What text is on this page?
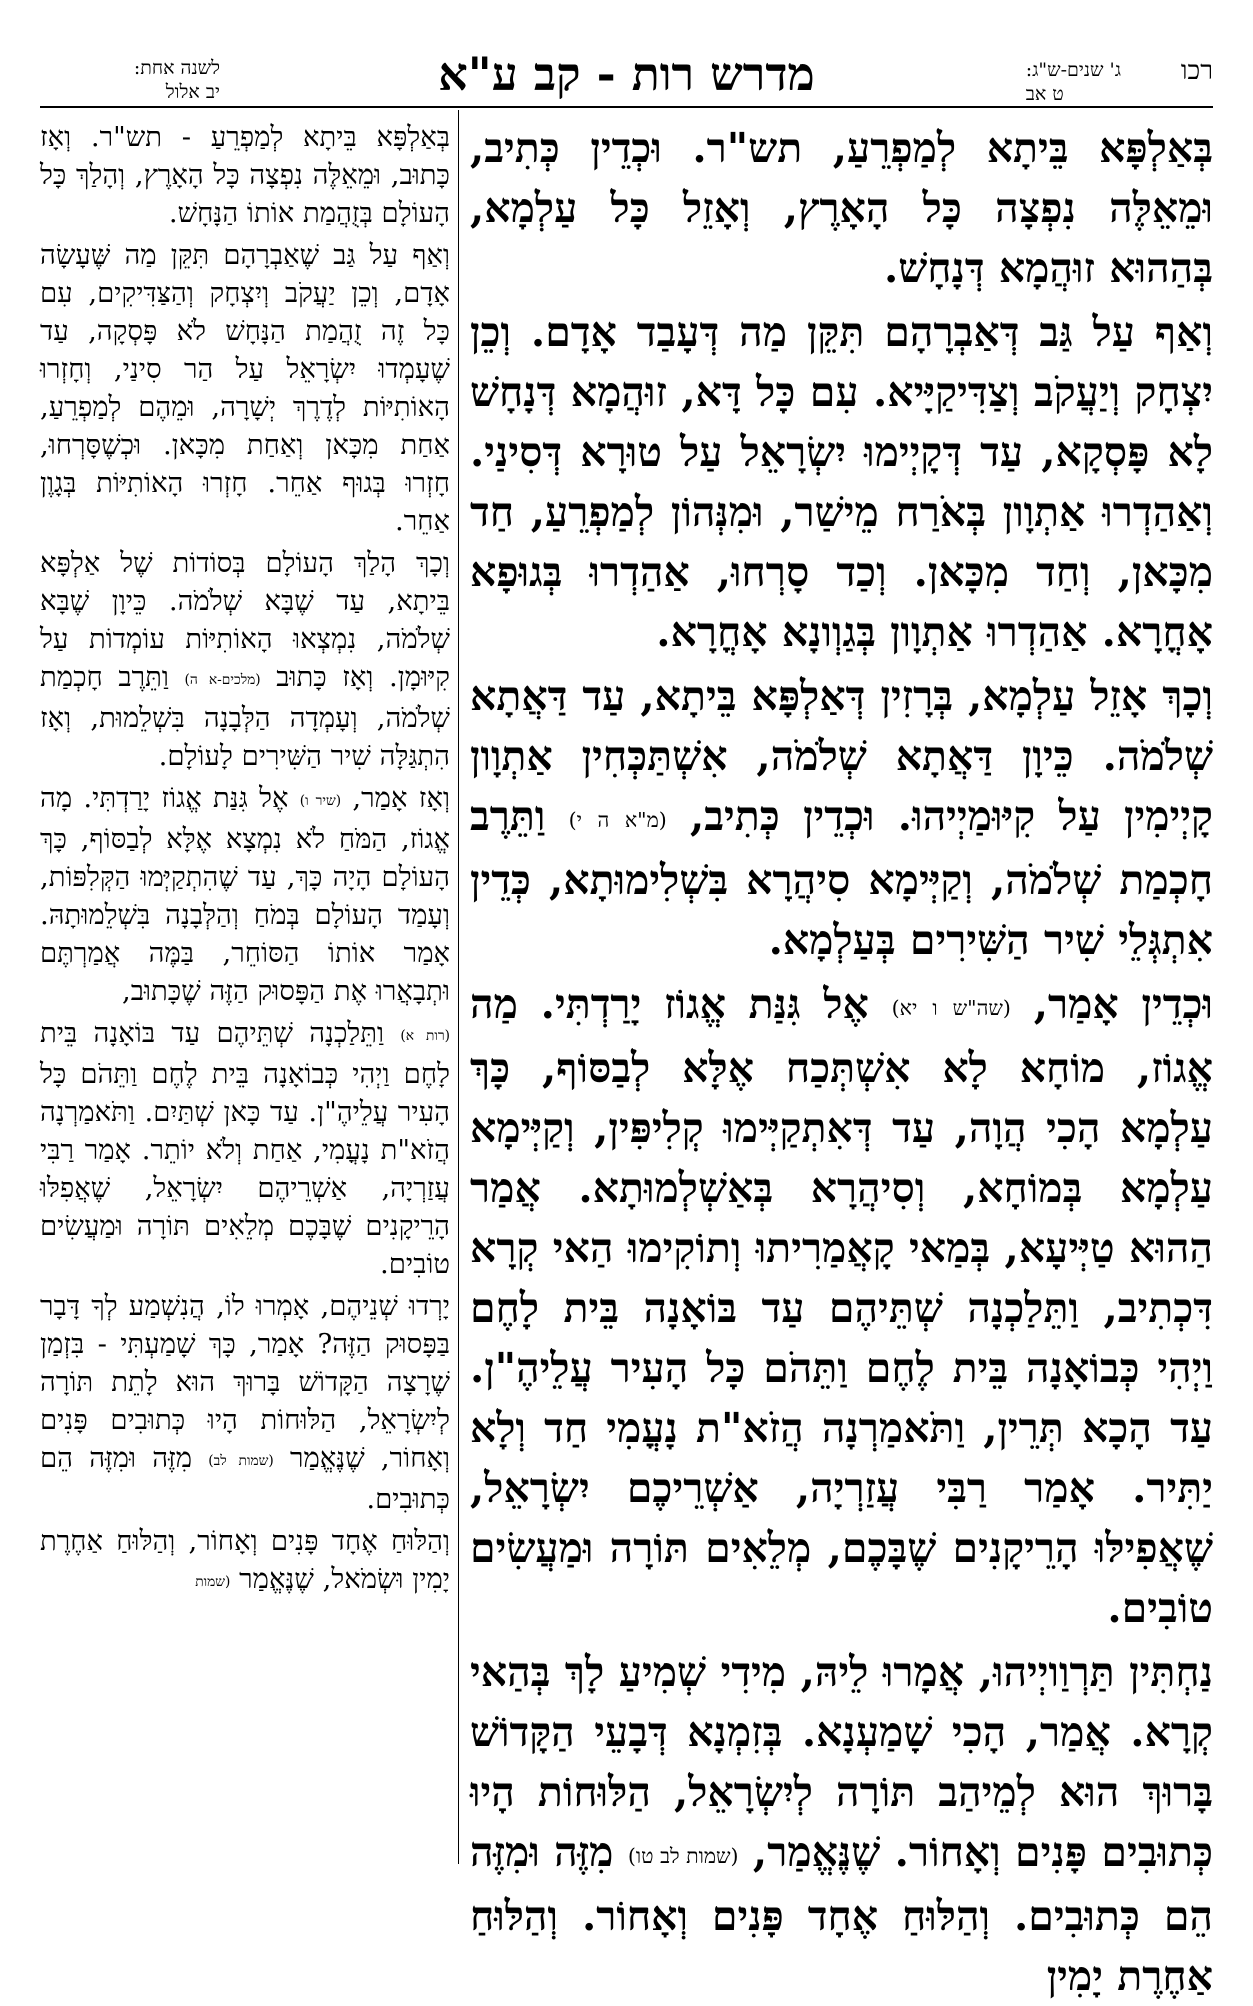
לשנה אחת:
יב אלול	מדרש רות - קב ע"א	רכו
ג' שנים-ש"ג:
ט אב

בְּאַלְפָּא בֵּיתָא לְמַפְרֵעַ, תש"ר. וּכְדֵין כְּתִיב, וּמֵאֵלֶּה נִפְצָה כָּל הָאָרֶץ, וְאָזֵל כָּל עַלְמָא, בְּהַהוּא זוּהֲמָא דְּנָחָשׁ.

וְאַף עַל גַּב דְּאַבְרָהָם תִּקֵּן מַה דְּעָבַד אָדָם. וְכֵן יִצְחָק וְיַעֲקֹב וְצַדִּיקַיָּיא. עִם כָּל דָּא, זוּהֲמָא דְּנָחָשׁ לָא פָּסְקָא, עַד דְּקָיְימוּ יִשְׂרָאֵל עַל טוּרָא דְּסִינַי. וְאַהַדְרוּ אַתְוָון בְּאֹרַח מֵישַׁר, וּמִנְּהוֹן לְמַפְרֵעַ, חַד מִכָּאן, וְחַד מִכָּאן. וְכַד סָרְחוּ, אַהַדְרוּ בְּגוּפָא אָחֳרָא. אַהַדְרוּ אַתְוָון בְּגַוְונָא אָחֳרָא.

וְכָךְ אָזֵל עַלְמָא, בְּרָזִין דְּאַלְפָּא בֵּיתָא, עַד דַּאֲתָא שְׁלֹמֹה. כֵּיוָן דַּאֲתָא שְׁלֹמֹה, אִשְׁתַּכְּחִין אַתְוָון קָיְימִין עַל קִיּוּמַיְיהוּ. וּכְדֵין כְּתִיב, (מ"א ה י) וַתֵּרֶב חָכְמַת שְׁלֹמֹה, וְקַיְּימָא סִיהֲרָא בִּשְׁלִימוּתָא, כְּדֵין אִתְגְּלֵי שִׁיר הַשִּׁירִים בְּעַלְמָא.

וּכְדֵין אָמַר, (שה"ש ו יא) אֶל גִּנַּת אֱגוֹז יָרַדְתִּי. מַה אֱגוֹז, מוֹחָא לָא אִשְׁתְּכַח אֶלָּא לְבַסּוֹף, כָּךְ עַלְמָא הָכִי הֲוָה, עַד דְּאִתְקַיְּימוּ קְלִיפִּין, וְקַיְּימָא עַלְמָא בְּמוֹחָא, וְסִיהֲרָא בְּאַשְׁלְמוּתָא. אֲמַר הַהוּא טַיְּיעָא, בְּמַאי קָאֲמַרִיתוּ וְתוֹקִימוּ הַאי קְרָא דִּכְתִיב, וַתֵּלַכְנָה שְׁתֵּיהֶם עַד בּוֹאָנָה בֵּית לָחֶם וַיְהִי כְּבוֹאָנָה בֵּית לֶחֶם וַתֵּהֹם כָּל הָעִיר עֲלֵיהֶ"ן. עַד הָכָא תְּרֵין, וַתֹּאמַרְנָה הֲזֹא"ת נָעֳמִי חַד וְלָא יַתִּיר. אָמַר רַבִּי עֲזַרְיָה, אַשְׁרֵיכֶם יִשְׂרָאֵל, שֶׁאֲפִילּוּ הָרֵיקָנִים שֶׁבָּכֶם, מְלֵאִים תּוֹרָה וּמַעֲשִׂים טוֹבִים.

נַחְתִּין תַּרְוַויְיהוּ, אֲמָרוּ לֵיהּ, מִידִי שְׁמִיעַ לָךְ בְּהַאי קְרָא. אֲמַר, הָכִי שָׁמַעְנָא. בְּזִמְנָא דְּבָעֵי הַקָּדוֹשׁ בָּרוּךְ הוּא לְמֵיהַב תּוֹרָה לְיִשְׂרָאֵל, הַלּוּחוֹת הָיוּ כְּתוּבִים פָּנִים וְאָחוֹר. שֶׁנֶּאֱמַר, (שמות לב טו) מִזֶּה וּמִזֶּה הֵם כְּתוּבִים. וְהַלּוּחַ אֶחָד פָּנִים וְאָחוֹר. וְהַלּוּחַ אַחֶרֶת יָמִין

בְּאַלְפָּא בֵּיתָא לְמַפְרֵעַ - תש"ר. וְאָז כָּתוּב, וּמֵאֵלֶּה נִפְצָה כָּל הָאָרֶץ, וְהָלַךְ כָּל הָעוֹלָם בְּזֻהֲמַת אוֹתוֹ הַנָּחָשׁ.

וְאַף עַל גַּב שֶׁאַבְרָהָם תִּקֵּן מַה שֶּׁעָשָׂה אָדָם, וְכֵן יַעֲקֹב וְיִצְחָק וְהַצַּדִּיקִים, עִם כָּל זֶה זֻהֲמַת הַנָּחָשׁ לֹא פָּסְקָה, עַד שֶׁעָמְדוּ יִשְׂרָאֵל עַל הַר סִינַי, וְחָזְרוּ הָאוֹתִיּוֹת לְדֶרֶךְ יְשָׁרָה, וּמֵהֶם לְמַפְרֵעַ, אַחַת מִכָּאן וְאַחַת מִכָּאן. וּכְשֶׁסָּרְחוּ, חָזְרוּ בְּגוּף אַחֵר. חָזְרוּ הָאוֹתִיּוֹת בְּגָוֶן אַחֵר.

וְכָךְ הָלַךְ הָעוֹלָם בְּסוֹדוֹת שֶׁל אַלְפָּא בֵּיתָא, עַד שֶׁבָּא שְׁלֹמֹה. כֵּיוָן שֶׁבָּא שְׁלֹמֹה, נִמְצְאוּ הָאוֹתִיּוֹת עוֹמְדוֹת עַל קִיּוּמָן. וְאָז כָּתוּב (מלכים-א ה) וַתֵּרֶב חָכְמַת שְׁלֹמֹה, וְעָמְדָה הַלְּבָנָה בִּשְׁלֵמוּת, וְאָז הִתְגַּלָּה שִׁיר הַשִּׁירִים לָעוֹלָם.

וְאָז אָמַר, (שיר ו) אֶל גִּנַּת אֱגוֹז יָרַדְתִּי. מָה אֱגוֹז, הַמֹּחַ לֹא נִמְצָא אֶלָּא לְבַסּוֹף, כָּךְ הָעוֹלָם הָיָה כָּךְ, עַד שֶׁהִתְקַיְּמוּ הַקְּלִפּוֹת, וְעָמַד הָעוֹלָם בְּמֹחַ וְהַלְּבָנָה בִּשְׁלֵמוּתָהּ. אָמַר אוֹתוֹ הַסּוֹחֵר, בַּמֶּה אֲמַרְתֶּם וּתְבָאֲרוּ אֶת הַפָּסוּק הַזֶּה שֶׁכָּתוּב,

(רות א) וַתֵּלַכְנָה שְׁתֵּיהֶם עַד בּוֹאָנָה בֵּית לָחֶם וַיְהִי כְּבוֹאָנָה בֵּית לֶחֶם וַתֵּהֹם כָּל הָעִיר עֲלֵיהֶ"ן. עַד כָּאן שְׁתַּיִם. וַתֹּאמַרְנָה הֲזֹא"ת נָעֳמִי, אַחַת וְלֹא יוֹתֵר. אָמַר רַבִּי עֲזַרְיָה, אַשְׁרֵיהֶם יִשְׂרָאֵל, שֶׁאֲפִלּוּ הָרֵיקָנִים שֶׁבָּכֶם מְלֵאִים תּוֹרָה וּמַעֲשִׂים טוֹבִים.

יָרְדוּ שְׁנֵיהֶם, אָמְרוּ לוֹ, הֲנִשְׁמַע לְךָ דָּבָר בַּפָּסוּק הַזֶּה? אָמַר, כָּךְ שָׁמַעְתִּי - בִּזְמַן שֶׁרָצָה הַקָּדוֹשׁ בָּרוּךְ הוּא לָתֵת תּוֹרָה לְיִשְׂרָאֵל, הַלּוּחוֹת הָיוּ כְּתוּבִים פָּנִים וְאָחוֹר, שֶׁנֶּאֱמַר (שמות לב) מִזֶּה וּמִזֶּה הֵם כְּתוּבִים.

וְהַלּוּחַ אֶחָד פָּנִים וְאָחוֹר, וְהַלּוּחַ אַחֶרֶת יָמִין וּשְׂמֹאל, שֶׁנֶּאֱמַר (שמות
